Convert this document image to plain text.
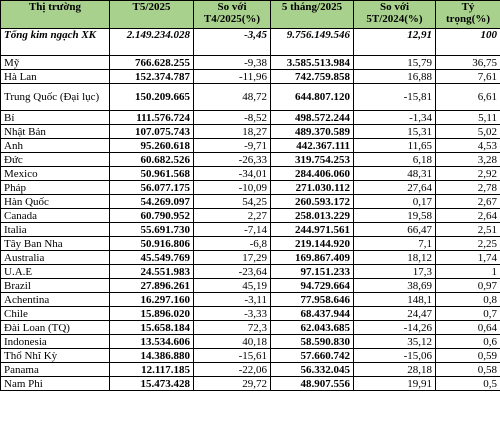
Thị trường	T5/2025	So với T4/2025(%)	5 tháng/2025	So với 5T/2024(%)	Tỷ trọng(%)
Tổng kim ngạch XK	2.149.234.028	-3,45	9.756.149.546	12,91	100
Mỹ	766.628.255	-9,38	3.585.513.984	15,79	36,75
Hà Lan	152.374.787	-11,96	742.759.858	16,88	7,61
Trung Quốc (Đại lục)	150.209.665	48,72	644.807.120	-15,81	6,61
Bỉ	111.576.724	-8,52	498.572.244	-1,34	5,11
Nhật Bản	107.075.743	18,27	489.370.589	15,31	5,02
Anh	95.260.618	-9,71	442.367.111	11,65	4,53
Đức	60.682.526	-26,33	319.754.253	6,18	3,28
Mexico	50.961.568	-34,01	284.406.060	48,31	2,92
Pháp	56.077.175	-10,09	271.030.112	27,64	2,78
Hàn Quốc	54.269.097	54,25	260.593.172	0,17	2,67
Canada	60.790.952	2,27	258.013.229	19,58	2,64
Italia	55.691.730	-7,14	244.971.561	66,47	2,51
Tây Ban Nha	50.916.806	-6,8	219.144.920	7,1	2,25
Australia	45.549.769	17,29	169.867.409	18,12	1,74
U.A.E	24.551.983	-23,64	97.151.233	17,3	1
Brazil	27.896.261	45,19	94.729.664	38,69	0,97
Achentina	16.297.160	-3,11	77.958.646	148,1	0,8
Chile	15.896.020	-3,33	68.437.944	24,47	0,7
Đài Loan (TQ)	15.658.184	72,3	62.043.685	-14,26	0,64
Indonesia	13.534.606	40,18	58.590.830	35,12	0,6
Thổ Nhĩ Kỳ	14.386.880	-15,61	57.660.742	-15,06	0,59
Panama	12.117.185	-22,06	56.332.045	28,18	0,58
Nam Phi	15.473.428	29,72	48.907.556	19,91	0,5
